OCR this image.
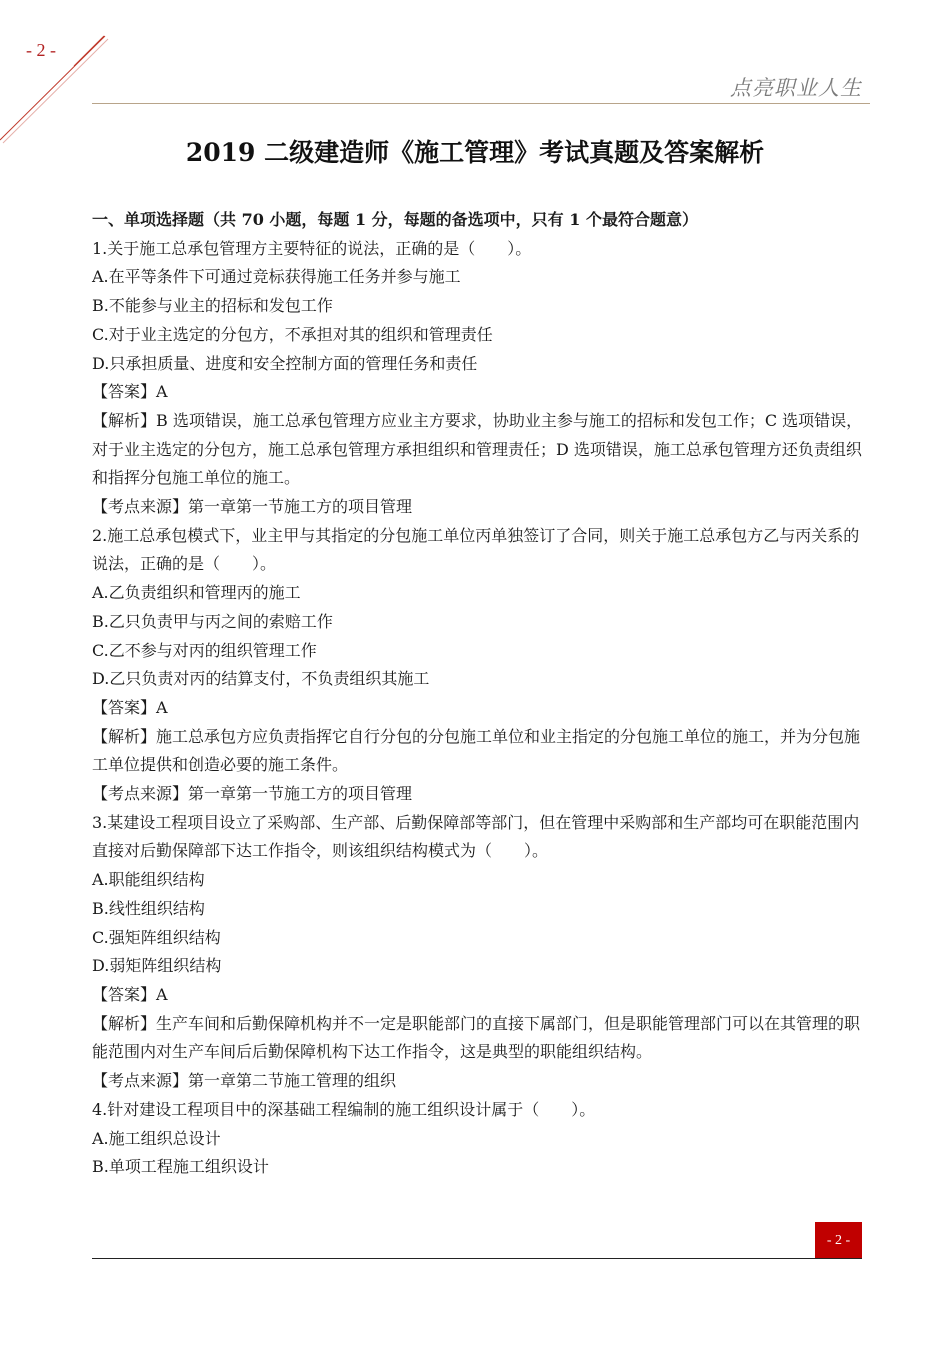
- 2 -
点亮职业人生
2019 二级建造师《施工管理》考试真题及答案解析

一、单项选择题（共 70 小题，每题 1 分，每题的备选项中，只有 1 个最符合题意）

1.关于施工总承包管理方主要特征的说法，正确的是（　　）。

A.在平等条件下可通过竞标获得施工任务并参与施工

B.不能参与业主的招标和发包工作

C.对于业主选定的分包方，不承担对其的组织和管理责任

D.只承担质量、进度和安全控制方面的管理任务和责任

【答案】A

【解析】B 选项错误，施工总承包管理方应业主方要求，协助业主参与施工的招标和发包工作；C 选项错误，对于业主选定的分包方，施工总承包管理方承担组织和管理责任；D 选项错误，施工总承包管理方还负责组织和指挥分包施工单位的施工。

【考点来源】第一章第一节施工方的项目管理

2.施工总承包模式下，业主甲与其指定的分包施工单位丙单独签订了合同，则关于施工总承包方乙与丙关系的说法，正确的是（　　）。

A.乙负责组织和管理丙的施工

B.乙只负责甲与丙之间的索赔工作

C.乙不参与对丙的组织管理工作

D.乙只负责对丙的结算支付，不负责组织其施工

【答案】A

【解析】施工总承包方应负责指挥它自行分包的分包施工单位和业主指定的分包施工单位的施工，并为分包施工单位提供和创造必要的施工条件。

【考点来源】第一章第一节施工方的项目管理

3.某建设工程项目设立了采购部、生产部、后勤保障部等部门，但在管理中采购部和生产部均可在职能范围内直接对后勤保障部下达工作指令，则该组织结构模式为（　　）。

A.职能组织结构

B.线性组织结构

C.强矩阵组织结构

D.弱矩阵组织结构

【答案】A

【解析】生产车间和后勤保障机构并不一定是职能部门的直接下属部门，但是职能管理部门可以在其管理的职能范围内对生产车间后后勤保障机构下达工作指令，这是典型的职能组织结构。

【考点来源】第一章第二节施工管理的组织

4.针对建设工程项目中的深基础工程编制的施工组织设计属于（　　）。

A.施工组织总设计

B.单项工程施工组织设计

- 2 -
